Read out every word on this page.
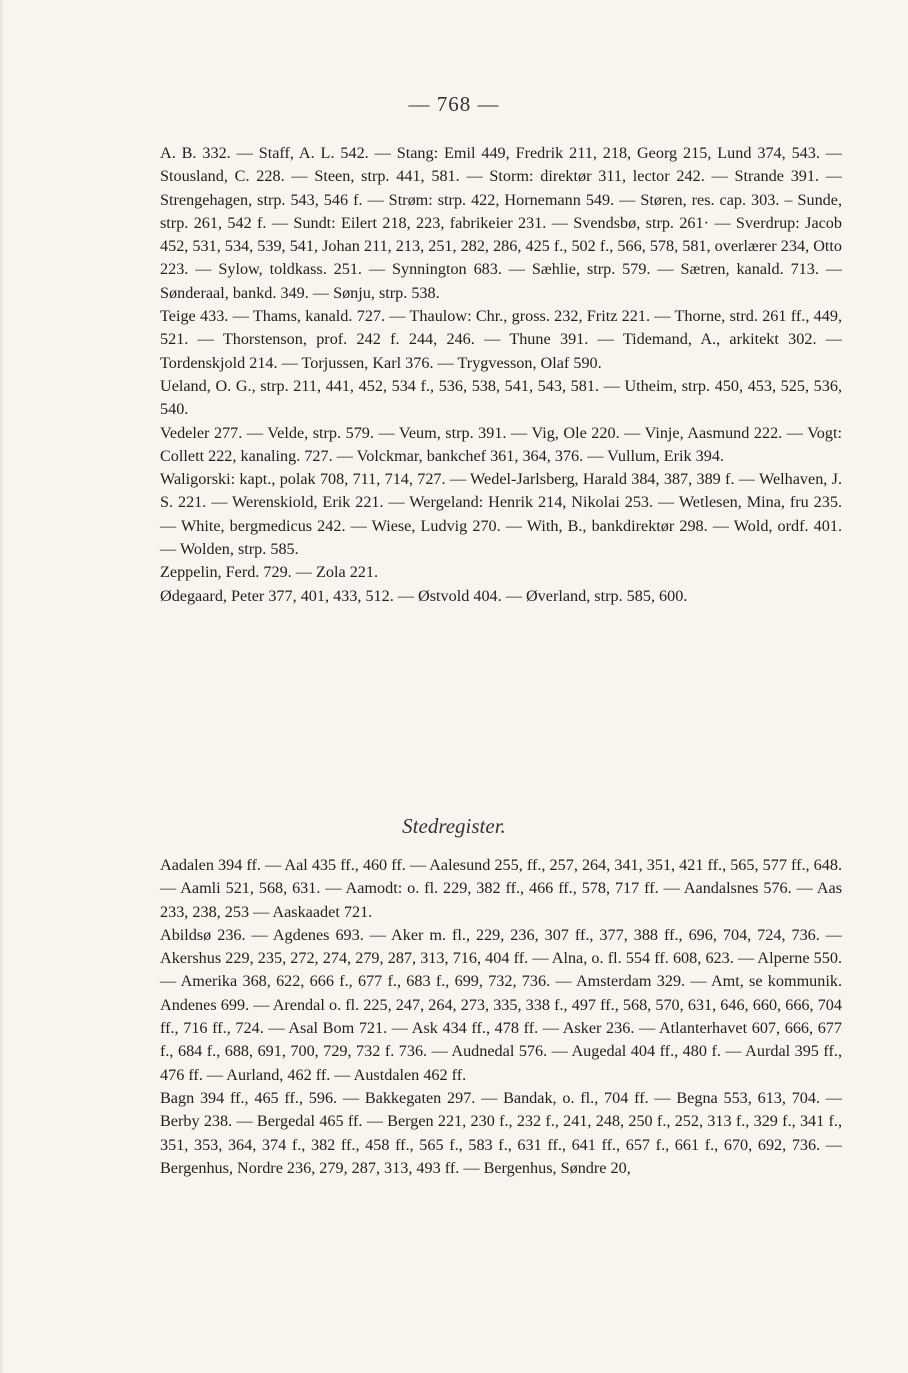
— 768 —

A. B. 332. — Staff, A. L. 542. — Stang: Emil 449, Fredrik 211, 218, Georg 215, Lund 374, 543. — Stousland, C. 228. — Steen, strp. 441, 581. — Storm: direktør 311, lector 242. — Strande 391. — Strengehagen, strp. 543, 546 f. — Strøm: strp. 422, Hornemann 549. — Støren, res. cap. 303. – Sunde, strp. 261, 542 f. — Sundt: Eilert 218, 223, fabrikeier 231. — Svendsbø, strp. 261· — Sverdrup: Jacob 452, 531, 534, 539, 541, Johan 211, 213, 251, 282, 286, 425 f., 502 f., 566, 578, 581, overlærer 234, Otto 223. — Sylow, toldkass. 251. — Synnington 683. — Sæhlie, strp. 579. — Sætren, kanald. 713. — Sønderaal, bankd. 349. — Sønju, strp. 538.

Teige 433. — Thams, kanald. 727. — Thaulow: Chr., gross. 232, Fritz 221. — Thorne, strd. 261 ff., 449, 521. — Thorstenson, prof. 242 f. 244, 246. — Thune 391. — Tidemand, A., arkitekt 302. — Tordenskjold 214. — Torjussen, Karl 376. — Trygvesson, Olaf 590.

Ueland, O. G., strp. 211, 441, 452, 534 f., 536, 538, 541, 543, 581. — Utheim, strp. 450, 453, 525, 536, 540.

Vedeler 277. — Velde, strp. 579. — Veum, strp. 391. — Vig, Ole 220. — Vinje, Aasmund 222. — Vogt: Collett 222, kanaling. 727. — Volckmar, bankchef 361, 364, 376. — Vullum, Erik 394.

Waligorski: kapt., polak 708, 711, 714, 727. — Wedel-Jarlsberg, Harald 384, 387, 389 f. — Welhaven, J. S. 221. — Werenskiold, Erik 221. — Wergeland: Henrik 214, Nikolai 253. — Wetlesen, Mina, fru 235. — White, bergmedicus 242. — Wiese, Ludvig 270. — With, B., bankdirektør 298. — Wold, ordf. 401. — Wolden, strp. 585.

Zeppelin, Ferd. 729. — Zola 221.

Ødegaard, Peter 377, 401, 433, 512. — Østvold 404. — Øverland, strp. 585, 600.

Stedregister.

Aadalen 394 ff. — Aal 435 ff., 460 ff. — Aalesund 255, ff., 257, 264, 341, 351, 421 ff., 565, 577 ff., 648. — Aamli 521, 568, 631. — Aamodt: o. fl. 229, 382 ff., 466 ff., 578, 717 ff. — Aandalsnes 576. — Aas 233, 238, 253 — Aaskaadet 721.

Abildsø 236. — Agdenes 693. — Aker m. fl., 229, 236, 307 ff., 377, 388 ff., 696, 704, 724, 736. — Akershus 229, 235, 272, 274, 279, 287, 313, 716, 404 ff. — Alna, o. fl. 554 ff. 608, 623. — Alperne 550. — Amerika 368, 622, 666 f., 677 f., 683 f., 699, 732, 736. — Amsterdam 329. — Amt, se kommunik. Andenes 699. — Arendal o. fl. 225, 247, 264, 273, 335, 338 f., 497 ff., 568, 570, 631, 646, 660, 666, 704 ff., 716 ff., 724. — Asal Bom 721. — Ask 434 ff., 478 ff. — Asker 236. — Atlanterhavet 607, 666, 677 f., 684 f., 688, 691, 700, 729, 732 f. 736. — Audnedal 576. — Augedal 404 ff., 480 f. — Aurdal 395 ff., 476 ff. — Aurland, 462 ff. — Austdalen 462 ff.

Bagn 394 ff., 465 ff., 596. — Bakkegaten 297. — Bandak, o. fl., 704 ff. — Begna 553, 613, 704. — Berby 238. — Bergedal 465 ff. — Bergen 221, 230 f., 232 f., 241, 248, 250 f., 252, 313 f., 329 f., 341 f., 351, 353, 364, 374 f., 382 ff., 458 ff., 565 f., 583 f., 631 ff., 641 ff., 657 f., 661 f., 670, 692, 736. — Bergenhus, Nordre 236, 279, 287, 313, 493 ff. — Bergenhus, Søndre 20,
